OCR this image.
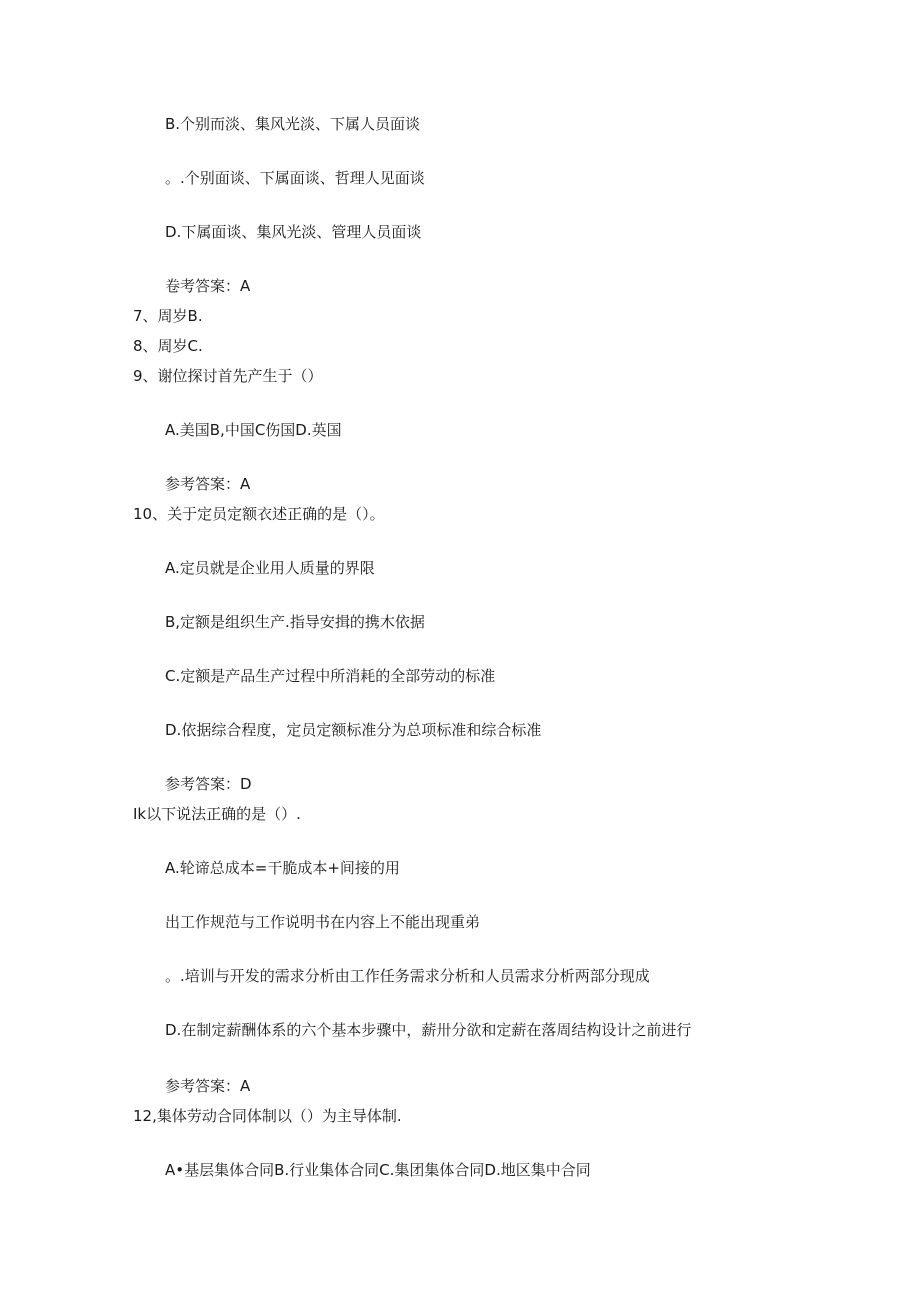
B.个别而淡、集风光淡、下属人员面谈
。.个别面谈、下属面谈、哲理人见面谈
D.下属面谈、集风光淡、管理人员面谈
卷考答案：A
7、周岁B.
8、周岁C.
9、谢位探讨首先产生于（）
A.美国B,中国C伤国D.英国
参考答案：A
10、关于定员定额衣述正确的是（）。
A.定员就是企业用人质量的界限
B,定额是组织生产.指导安揖的携木依据
C.定额是产品生产过程中所消耗的全部劳动的标准
D.依据综合程度，定员定额标准分为总项标准和综合标准
参考答案：D
Ik以下说法正确的是（）.
A.轮谛总成本=干脆成本+间接的用
出工作规范与工作说明书在内容上不能出现重弟
。.培训与开发的需求分析由工作任务需求分析和人员需求分析两部分现成
D.在制定薪酬体系的六个基本步骤中，薪卅分欲和定薪在落周结构设计之前进行
参考答案：A
12,集体劳动合同体制以（）为主导体制.
A•基层集体合同B.行业集体合同C.集团集体合同D.地区集中合同
